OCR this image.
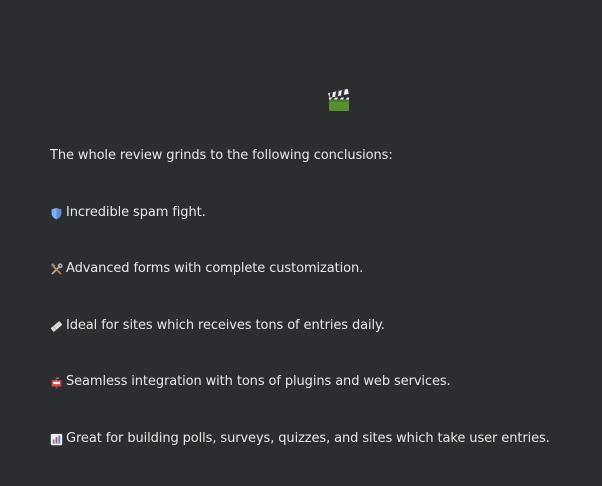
The whole review grinds to the following conclusions:
Incredible spam fight.
Advanced forms with complete customization.
Ideal for sites which receives tons of entries daily.
Seamless integration with tons of plugins and web services.
Great for building polls, surveys, quizzes, and sites which take user entries.
